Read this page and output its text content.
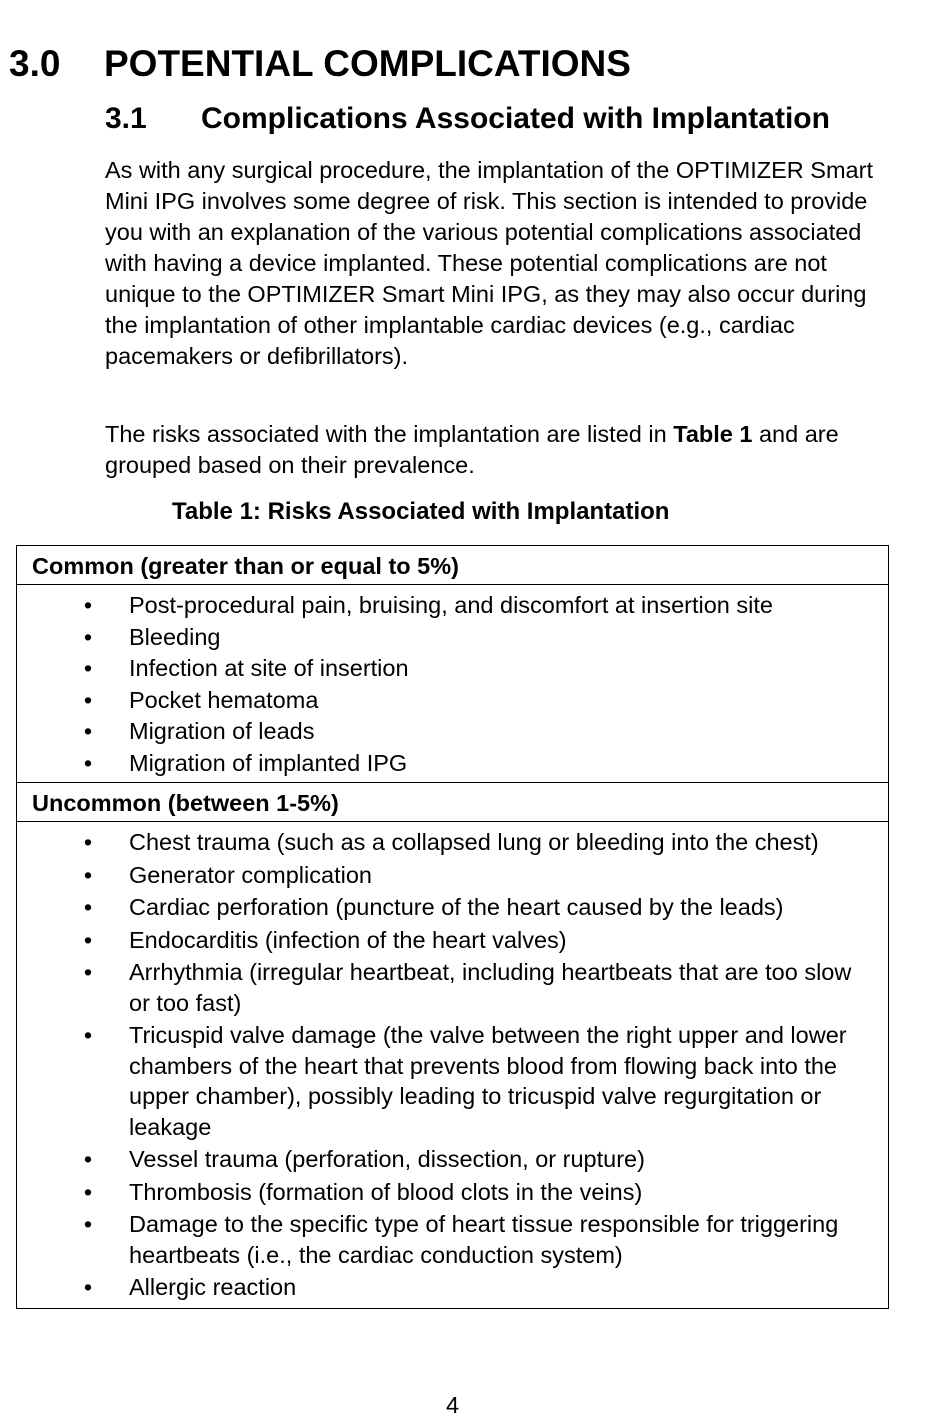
3.0 POTENTIAL COMPLICATIONS
3.1 Complications Associated with Implantation

As with any surgical procedure, the implantation of the OPTIMIZER Smart Mini IPG involves some degree of risk. This section is intended to provide you with an explanation of the various potential complications associated with having a device implanted. These potential complications are not unique to the OPTIMIZER Smart Mini IPG, as they may also occur during the implantation of other implantable cardiac devices (e.g., cardiac pacemakers or defibrillators).

The risks associated with the implantation are listed in Table 1 and are grouped based on their prevalence.

Table 1: Risks Associated with Implantation
Common (greater than or equal to 5%)

• Post-procedural pain, bruising, and discomfort at insertion site
• Bleeding
• Infection at site of insertion
• Pocket hematoma
• Migration of leads
• Migration of implanted IPG

Uncommon (between 1-5%)

• Chest trauma (such as a collapsed lung or bleeding into the chest)
• Generator complication
• Cardiac perforation (puncture of the heart caused by the leads)
• Endocarditis (infection of the heart valves)
• Arrhythmia (irregular heartbeat, including heartbeats that are too slow or too fast)
• Tricuspid valve damage (the valve between the right upper and lower chambers of the heart that prevents blood from flowing back into the upper chamber), possibly leading to tricuspid valve regurgitation or leakage
• Vessel trauma (perforation, dissection, or rupture)
• Thrombosis (formation of blood clots in the veins)
• Damage to the specific type of heart tissue responsible for triggering heartbeats (i.e., the cardiac conduction system)
• Allergic reaction
4
